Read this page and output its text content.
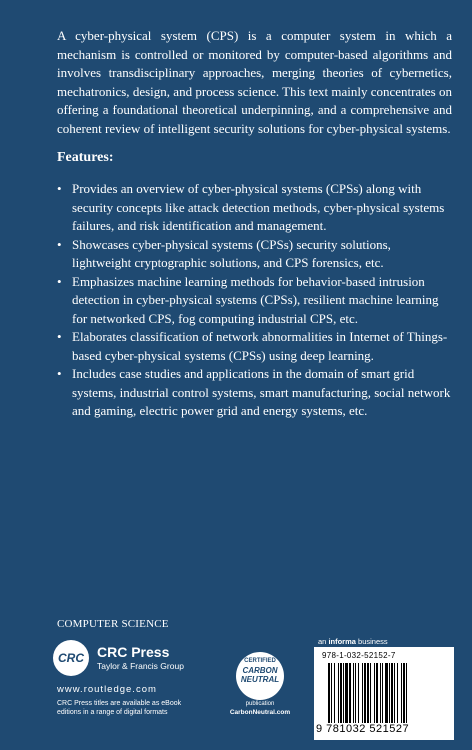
A cyber-physical system (CPS) is a computer system in which a mechanism is controlled or monitored by computer-based algorithms and involves transdisciplinary approaches, merging theories of cybernetics, mechatronics, design, and process science. This text mainly concentrates on offering a foundational theoretical underpinning, and a comprehensive and coherent review of intelligent security solutions for cyber-physical systems.

Features:

• Provides an overview of cyber-physical systems (CPSs) along with security concepts like attack detection methods, cyber-physical systems failures, and risk identification and management.
• Showcases cyber-physical systems (CPSs) security solutions, lightweight cryptographic solutions, and CPS forensics, etc.
• Emphasizes machine learning methods for behavior-based intrusion detection in cyber-physical systems (CPSs), resilient machine learning for networked CPS, fog computing industrial CPS, etc.
• Elaborates classification of network abnormalities in Internet of Things-based cyber-physical systems (CPSs) using deep learning.
• Includes case studies and applications in the domain of smart grid systems, industrial control systems, smart manufacturing, social network and gaming, electric power grid and energy systems, etc.

COMPUTER SCIENCE

CRC CRC Press
Taylor & Francis Group
www.routledge.com
CRC Press titles are available as eBook editions in a range of digital formats
CERTIFIED
CARBON
NEUTRAL
publication
CarbonNeutral.com
an informa business
978-1-032-52152-7
9 781032 521527
